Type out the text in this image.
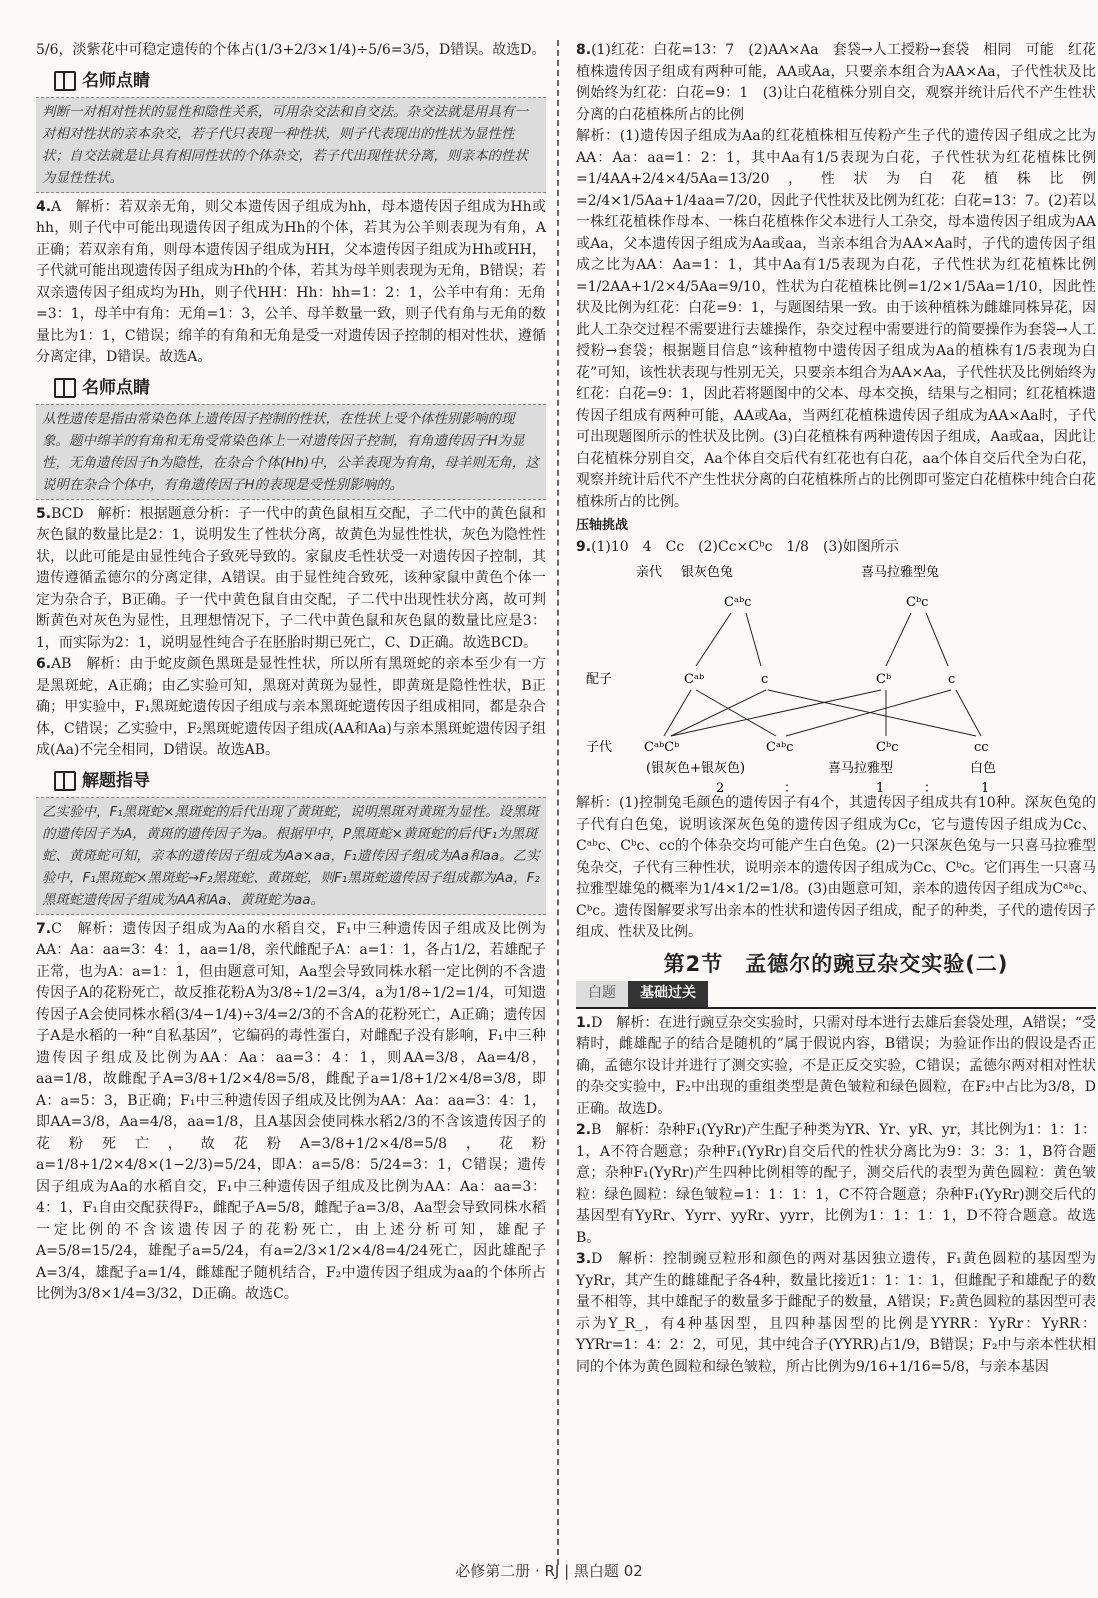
5/6，淡紫花中可稳定遗传的个体占(1/3+2/3×1/4)÷5/6=3/5，D错误。故选D。

名师点睛
判断一对相对性状的显性和隐性关系，可用杂交法和自交法。杂交法就是用具有一对相对性状的亲本杂交，若子代只表现一种性状，则子代表现出的性状为显性性状；自交法就是让具有相同性状的个体杂交，若子代出现性状分离，则亲本的性状为显性性状。

4.A　解析：若双亲无角，则父本遗传因子组成为hh，母本遗传因子组成为Hh或hh，则子代中可能出现遗传因子组成为Hh的个体，若其为公羊则表现为有角，A正确；若双亲有角，则母本遗传因子组成为HH，父本遗传因子组成为Hh或HH，子代就可能出现遗传因子组成为Hh的个体，若其为母羊则表现为无角，B错误；若双亲遗传因子组成均为Hh，则子代HH：Hh：hh=1：2：1，公羊中有角：无角=3：1，母羊中有角：无角=1：3，公羊、母羊数量一致，则子代有角与无角的数量比为1：1，C错误；绵羊的有角和无角是受一对遗传因子控制的相对性状，遵循分离定律，D错误。故选A。

名师点睛
从性遗传是指由常染色体上遗传因子控制的性状，在性状上受个体性别影响的现象。题中绵羊的有角和无角受常染色体上一对遗传因子控制，有角遗传因子H为显性，无角遗传因子h为隐性，在杂合个体(Hh)中，公羊表现为有角，母羊则无角，这说明在杂合个体中，有角遗传因子H的表现是受性别影响的。

5.BCD　解析：根据题意分析：子一代中的黄色鼠相互交配，子二代中的黄色鼠和灰色鼠的数量比是2：1，说明发生了性状分离，故黄色为显性性状，灰色为隐性性状，以此可能是由显性纯合子致死导致的。家鼠皮毛性状受一对遗传因子控制，其遗传遵循孟德尔的分离定律，A错误。由于显性纯合致死，该种家鼠中黄色个体一定为杂合子，B正确。子一代中黄色鼠自由交配，子二代中出现性状分离，故可判断黄色对灰色为显性，且理想情况下，子二代中黄色鼠和灰色鼠的数量比应是3：1，而实际为2：1，说明显性纯合子在胚胎时期已死亡，C、D正确。故选BCD。

6.AB　解析：由于蛇皮颜色黑斑是显性性状，所以所有黑斑蛇的亲本至少有一方是黑斑蛇，A正确；由乙实验可知，黑斑对黄斑为显性，即黄斑是隐性性状，B正确；甲实验中，F₁黑斑蛇遗传因子组成与亲本黑斑蛇遗传因子组成相同，都是杂合体，C错误；乙实验中，F₂黑斑蛇遗传因子组成(AA和Aa)与亲本黑斑蛇遗传因子组成(Aa)不完全相同，D错误。故选AB。

解题指导
乙实验中，F₁黑斑蛇×黑斑蛇的后代出现了黄斑蛇，说明黑斑对黄斑为显性。设黑斑的遗传因子为A，黄斑的遗传因子为a。根据甲中，P黑斑蛇×黄斑蛇的后代F₁为黑斑蛇、黄斑蛇可知，亲本的遗传因子组成为Aa×aa，F₁遗传因子组成为Aa和aa。乙实验中，F₁黑斑蛇×黑斑蛇→F₂黑斑蛇、黄斑蛇，则F₁黑斑蛇遗传因子组成都为Aa，F₂黑斑蛇遗传因子组成为AA和Aa、黄斑蛇为aa。

7.C　解析：遗传因子组成为Aa的水稻自交，F₁中三种遗传因子组成及比例为AA：Aa：aa=3：4：1，aa=1/8，亲代雌配子A：a=1：1，各占1/2，若雄配子正常，也为A：a=1：1，但由题意可知，Aa型会导致同株水稻一定比例的不含遗传因子A的花粉死亡，故反推花粉A为3/8÷1/2=3/4，a为1/8÷1/2=1/4，可知遗传因子A会使同株水稻(3/4−1/4)÷3/4=2/3的不含A的花粉死亡，A正确；遗传因子A是水稻的一种“自私基因”，它编码的毒性蛋白，对雌配子没有影响，F₁中三种遗传因子组成及比例为AA：Aa：aa=3：4：1，则AA=3/8，Aa=4/8，aa=1/8，故雌配子A=3/8+1/2×4/8=5/8，雌配子a=1/8+1/2×4/8=3/8，即A：a=5：3，B正确；F₁中三种遗传因子组成及比例为AA：Aa：aa=3：4：1，即AA=3/8，Aa=4/8，aa=1/8，且A基因会使同株水稻2/3的不含该遗传因子的花粉死亡，故花粉A=3/8+1/2×4/8=5/8，花粉a=1/8+1/2×4/8×(1−2/3)=5/24，即A：a=5/8：5/24=3：1，C错误；遗传因子组成为Aa的水稻自交，F₁中三种遗传因子组成及比例为AA：Aa：aa=3：4：1，F₁自由交配获得F₂，雌配子A=5/8，雌配子a=3/8，Aa型会导致同株水稻一定比例的不含该遗传因子的花粉死亡，由上述分析可知，雄配子A=5/8=15/24，雄配子a=5/24，有a=2/3×1/2×4/8=4/24死亡，因此雄配子A=3/4，雄配子a=1/4，雌雄配子随机结合，F₂中遗传因子组成为aa的个体所占比例为3/8×1/4=3/32，D正确。故选C。

8.(1)红花：白花=13：7　(2)AA×Aa　套袋→人工授粉→套袋　相同　可能　红花植株遗传因子组成有两种可能，AA或Aa，只要亲本组合为AA×Aa，子代性状及比例始终为红花：白花=9：1　(3)让白花植株分别自交，观察并统计后代不产生性状分离的白花植株所占的比例

解析：(1)遗传因子组成为Aa的红花植株相互传粉产生子代的遗传因子组成之比为AA：Aa：aa=1：2：1，其中Aa有1/5表现为白花，子代性状为红花植株比例=1/4AA+2/4×4/5Aa=13/20，性状为白花植株比例=2/4×1/5Aa+1/4aa=7/20，因此子代性状及比例为红花：白花=13：7。(2)若以一株红花植株作母本、一株白花植株作父本进行人工杂交，母本遗传因子组成为AA或Aa，父本遗传因子组成为Aa或aa，当亲本组合为AA×Aa时，子代的遗传因子组成之比为AA：Aa=1：1，其中Aa有1/5表现为白花，子代性状为红花植株比例=1/2AA+1/2×4/5Aa=9/10，性状为白花植株比例=1/2×1/5Aa=1/10，因此性状及比例为红花：白花=9：1，与题图结果一致。由于该种植株为雌雄同株异花，因此人工杂交过程不需要进行去雄操作，杂交过程中需要进行的简要操作为套袋→人工授粉→套袋；根据题目信息“该种植物中遗传因子组成为Aa的植株有1/5表现为白花”可知，该性状表现与性别无关，只要亲本组合为AA×Aa，子代性状及比例始终为红花：白花=9：1，因此若将题图中的父本、母本交换，结果与之相同；红花植株遗传因子组成有两种可能，AA或Aa，当两红花植株遗传因子组成为AA×Aa时，子代可出现题图所示的性状及比例。(3)白花植株有两种遗传因子组成，Aa或aa，因此让白花植株分别自交，Aa个体自交后代有红花也有白花，aa个体自交后代全为白花，观察并统计后代不产生性状分离的白花植株所占的比例即可鉴定白花植株中纯合白花植株所占的比例。

压轴挑战

9.(1)10　4　Cc　(2)Cc×Cᵇc　1/8　(3)如图所示

亲代 银灰色兔	喜马拉雅型兔
Cᵃᵇc	Cᵇc
配子	Cᵃᵇ	c	Cᵇ	c
子代 CᵃᵇCᵇ	Cᵃᵇc	Cᵇc	cc
(银灰色+银灰色)	喜马拉雅型	白色
2	：	1	：	1

解析：(1)控制兔毛颜色的遗传因子有4个，其遗传因子组成共有10种。深灰色兔的子代有白色兔，说明该深灰色兔的遗传因子组成为Cc，它与遗传因子组成为Cc、Cᵃᵇc、Cᵇc、cc的个体杂交均可能产生白色兔。(2)一只深灰色兔与一只喜马拉雅型兔杂交，子代有三种性状，说明亲本的遗传因子组成为Cc、Cᵇc。它们再生一只喜马拉雅型雄兔的概率为1/4×1/2=1/8。(3)由题意可知，亲本的遗传因子组成为Cᵃᵇc、Cᵇc。遗传图解要求写出亲本的性状和遗传因子组成，配子的种类，子代的遗传因子组成、性状及比例。

第2节　孟德尔的豌豆杂交实验(二)
白题	基础过关

1.D　解析：在进行豌豆杂交实验时，只需对母本进行去雄后套袋处理，A错误；“受精时，雌雄配子的结合是随机的”属于假说内容，B错误；为验证作出的假设是否正确，孟德尔设计并进行了测交实验，不是正反交实验，C错误；孟德尔两对相对性状的杂交实验中，F₂中出现的重组类型是黄色皱粒和绿色圆粒，在F₂中占比为3/8，D正确。故选D。

2.B　解析：杂种F₁(YyRr)产生配子种类为YR、Yr、yR、yr，其比例为1：1：1：1，A不符合题意；杂种F₁(YyRr)自交后代的性状分离比为9：3：3：1，B符合题意；杂种F₁(YyRr)产生四种比例相等的配子，测交后代的表型为黄色圆粒：黄色皱粒：绿色圆粒：绿色皱粒=1：1：1：1，C不符合题意；杂种F₁(YyRr)测交后代的基因型有YyRr、Yyrr、yyRr、yyrr，比例为1：1：1：1，D不符合题意。故选B。

3.D　解析：控制豌豆粒形和颜色的两对基因独立遗传，F₁黄色圆粒的基因型为YyRr，其产生的雌雄配子各4种，数量比接近1：1：1：1，但雌配子和雄配子的数量不相等，其中雄配子的数量多于雌配子的数量，A错误；F₂黄色圆粒的基因型可表示为Y_R_，有4种基因型，且四种基因型的比例是YYRR：YyRr：YyRR：YYRr=1：4：2：2，可见，其中纯合子(YYRR)占1/9，B错误；F₂中与亲本性状相同的个体为黄色圆粒和绿色皱粒，所占比例为9/16+1/16=5/8，与亲本基因

必修第二册 · RJ | 黑白题 02
